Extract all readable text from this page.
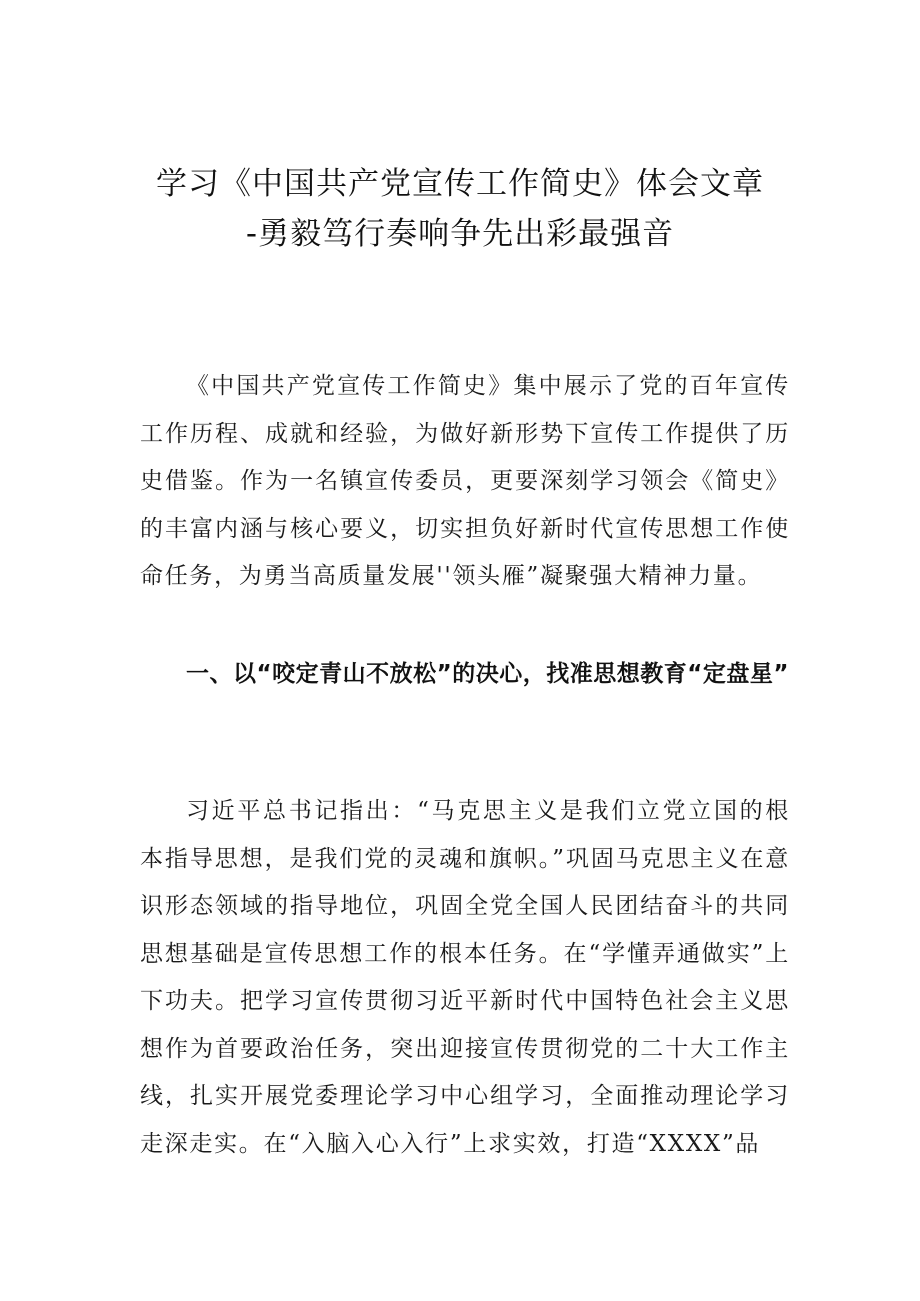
学习《中国共产党宣传工作简史》体会文章
-勇毅笃行奏响争先出彩最强音

《中国共产党宣传工作简史》集中展示了党的百年宣传工作历程、成就和经验，为做好新形势下宣传工作提供了历史借鉴。作为一名镇宣传委员，更要深刻学习领会《简史》的丰富内涵与核心要义，切实担负好新时代宣传思想工作使命任务，为勇当高质量发展''领头雁”凝聚强大精神力量。

一、以“咬定青山不放松”的决心，找准思想教育“定盘星”

习近平总书记指出：“马克思主义是我们立党立国的根本指导思想，是我们党的灵魂和旗帜。”巩固马克思主义在意识形态领域的指导地位，巩固全党全国人民团结奋斗的共同思想基础是宣传思想工作的根本任务。在“学懂弄通做实”上下功夫。把学习宣传贯彻习近平新时代中国特色社会主义思想作为首要政治任务，突出迎接宣传贯彻党的二十大工作主线，扎实开展党委理论学习中心组学习，全面推动理论学习走深走实。在“入脑入心入行”上求实效，打造“XXXX”品
